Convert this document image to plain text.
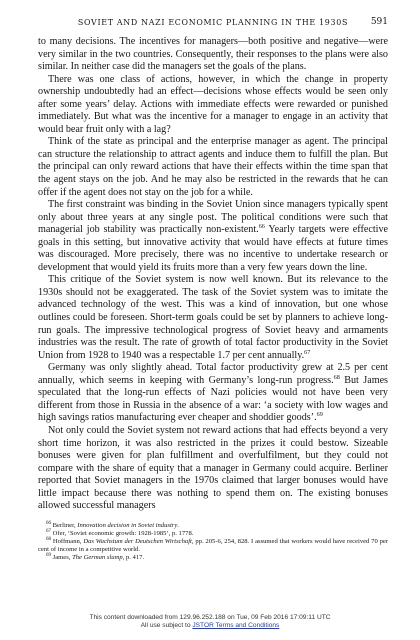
SOVIET AND NAZI ECONOMIC PLANNING IN THE 1930S	591

to many decisions. The incentives for managers—both positive and negative—were very similar in the two countries. Consequently, their responses to the plans were also similar. In neither case did the managers set the goals of the plans.

There was one class of actions, however, in which the change in property ownership undoubtedly had an effect—decisions whose effects would be seen only after some years’ delay. Actions with immediate effects were rewarded or punished immediately. But what was the incentive for a manager to engage in an activity that would bear fruit only with a lag?

Think of the state as principal and the enterprise manager as agent. The principal can structure the relationship to attract agents and induce them to fulfill the plan. But the principal can only reward actions that have their effects within the time span that the agent stays on the job. And he may also be restricted in the rewards that he can offer if the agent does not stay on the job for a while.

The first constraint was binding in the Soviet Union since managers typically spent only about three years at any single post. The political conditions were such that managerial job stability was practically non-existent.$^{66}$ Yearly targets were effective goals in this setting, but innovative activity that would have effects at future times was discouraged. More precisely, there was no incentive to undertake research or development that would yield its fruits more than a very few years down the line.

This critique of the Soviet system is now well known. But its relevance to the 1930s should not be exaggerated. The task of the Soviet system was to imitate the advanced technology of the west. This was a kind of innovation, but one whose outlines could be foreseen. Short-term goals could be set by planners to achieve long-run goals. The impressive technological progress of Soviet heavy and armaments industries was the result. The rate of growth of total factor productivity in the Soviet Union from 1928 to 1940 was a respectable 1.7 per cent annually.$^{67}$

Germany was only slightly ahead. Total factor productivity grew at 2.5 per cent annually, which seems in keeping with Germany’s long-run progress.$^{68}$ But James speculated that the long-run effects of Nazi policies would not have been very different from those in Russia in the absence of a war: ‘a society with low wages and high savings ratios manufacturing ever cheaper and shoddier goods’.$^{69}$

Not only could the Soviet system not reward actions that had effects beyond a very short time horizon, it was also restricted in the prizes it could bestow. Sizeable bonuses were given for plan fulfillment and overfulfilment, but they could not compare with the share of equity that a manager in Germany could acquire. Berliner reported that Soviet managers in the 1970s claimed that larger bonuses would have little impact because there was nothing to spend them on. The existing bonuses allowed successful managers

$^{66}$ Berliner, Innovation decision in Soviet industry.

$^{67}$ Ofer, ‘Soviet economic growth: 1928-1985’, p. 1778.

$^{68}$ Hoffmann, Das Wachstum der Deutschen Wirtschaft, pp. 205-6, 254, 828. I assumed that workers would have received 70 per cent of income in a competitive world.

$^{69}$ James, The German slump, p. 417.

This content downloaded from 129.96.252.188 on Tue, 09 Feb 2016 17:09:11 UTC
All use subject to JSTOR Terms and Conditions
